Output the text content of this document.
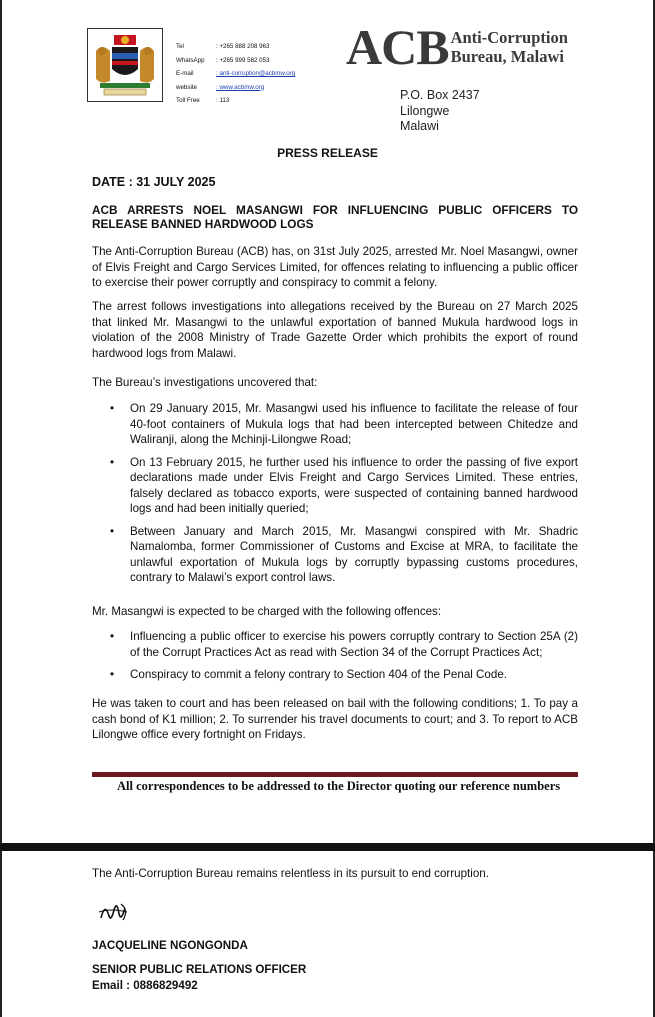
Tel	: +265 888 208 963
WhatsApp	: +265 999 582 053
E-mail	: anti-corruption@acbmw.org
website	: www.acbmw.org
Toll Free	: 113
ACB Anti-Corruption
Bureau, Malawi
P.O. Box 2437
Lilongwe
Malawi
PRESS RELEASE
DATE : 31 JULY 2025
ACB ARRESTS NOEL MASANGWI FOR INFLUENCING PUBLIC OFFICERS TO RELEASE BANNED HARDWOOD LOGS
The Anti-Corruption Bureau (ACB) has, on 31st July 2025, arrested Mr. Noel Masangwi, owner of Elvis Freight and Cargo Services Limited, for offences relating to influencing a public officer to exercise their power corruptly and conspiracy to commit a felony.
The arrest follows investigations into allegations received by the Bureau on 27 March 2025 that linked Mr. Masangwi to the unlawful exportation of banned Mukula hardwood logs in violation of the 2008 Ministry of Trade Gazette Order which prohibits the export of round hardwood logs from Malawi.
The Bureau’s investigations uncovered that:
• On 29 January 2015, Mr. Masangwi used his influence to facilitate the release of four 40-foot containers of Mukula logs that had been intercepted between Chitedze and Waliranji, along the Mchinji-Lilongwe Road;
• On 13 February 2015, he further used his influence to order the passing of five export declarations made under Elvis Freight and Cargo Services Limited. These entries, falsely declared as tobacco exports, were suspected of containing banned hardwood logs and had been initially queried;
• Between January and March 2015, Mr. Masangwi conspired with Mr. Shadric Namalomba, former Commissioner of Customs and Excise at MRA, to facilitate the unlawful exportation of Mukula logs by corruptly bypassing customs procedures, contrary to Malawi’s export control laws.
Mr. Masangwi is expected to be charged with the following offences:
• Influencing a public officer to exercise his powers corruptly contrary to Section 25A (2) of the Corrupt Practices Act as read with Section 34 of the Corrupt Practices Act;
• Conspiracy to commit a felony contrary to Section 404 of the Penal Code.
He was taken to court and has been released on bail with the following conditions; 1. To pay a cash bond of K1 million; 2. To surrender his travel documents to court; and 3. To report to ACB Lilongwe office every fortnight on Fridays.
All correspondences to be addressed to the Director quoting our reference numbers
The Anti-Corruption Bureau remains relentless in its pursuit to end corruption.
JACQUELINE NGONGONDA
SENIOR PUBLIC RELATIONS OFFICER
Email : 0886829492
